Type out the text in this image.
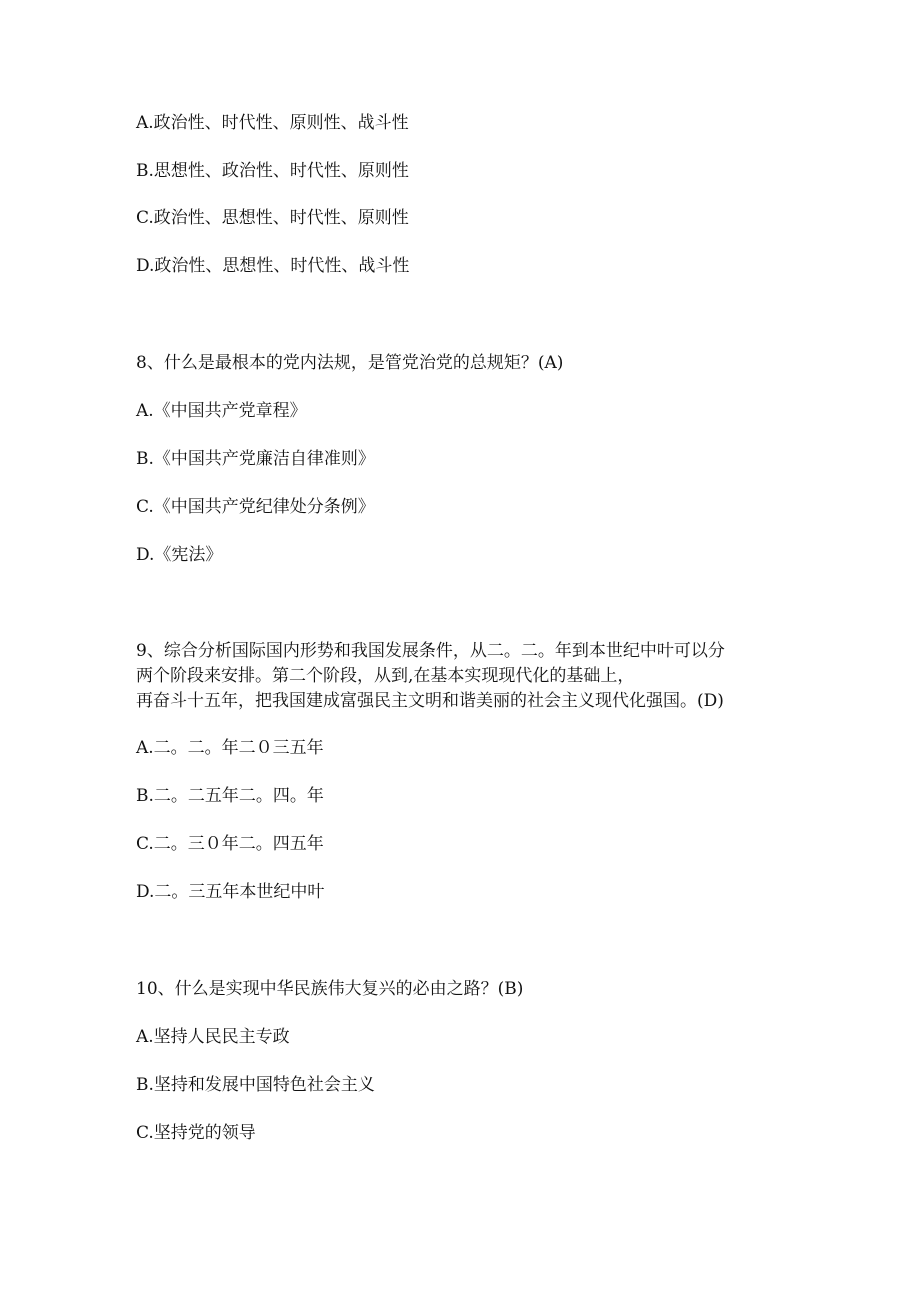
A.政治性、时代性、原则性、战斗性
B.思想性、政治性、时代性、原则性
C.政治性、思想性、时代性、原则性
D.政治性、思想性、时代性、战斗性
8、什么是最根本的党内法规，是管党治党的总规矩？(A)
A.《中国共产党章程》
B.《中国共产党廉洁自律准则》
C.《中国共产党纪律处分条例》
D.《宪法》
9、综合分析国际国内形势和我国发展条件，从二。二。年到本世纪中叶可以分
两个阶段来安排。第二个阶段，从到,在基本实现现代化的基础上，
再奋斗十五年，把我国建成富强民主文明和谐美丽的社会主义现代化强国。(D)
A.二。二。年二０三五年
B.二。二五年二。四。年
C.二。三０年二。四五年
D.二。三五年本世纪中叶
10、什么是实现中华民族伟大复兴的必由之路？(B)
A.坚持人民民主专政
B.坚持和发展中国特色社会主义
C.坚持党的领导
